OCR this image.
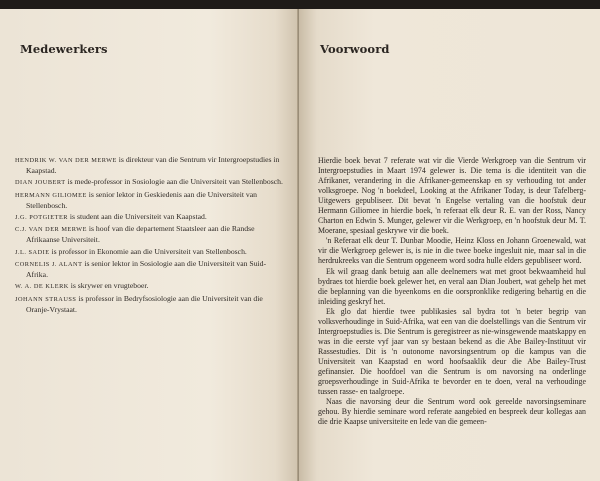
Medewerkers
HENDRIK W. VAN DER MERWE is direkteur van die Sentrum vir Intergroepstudies in Kaapstad.
DIAN JOUBERT is mede-professor in Sosiologie aan die Universiteit van Stellenbosch.
HERMANN GILIOMEE is senior lektor in Geskiedenis aan die Universiteit van Stellenbosch.
J.G. POTGIETER is student aan die Universiteit van Kaapstad.
C.J. VAN DER MERWE is hoof van die departement Staatsleer aan die Randse Afrikaanse Universiteit.
J.L. SADIE is professor in Ekonomie aan die Universiteit van Stellenbosch.
CORNELIS J. ALANT is senior lektor in Sosiologie aan die Universiteit van Suid-Afrika.
W. A. DE KLERK is skrywer en vrugteboer.
JOHANN STRAUSS is professor in Bedryfsosiologie aan die Universiteit van die Oranje-Vrystaat.
Voorwoord

Hierdie boek bevat 7 referate wat vir die Vierde Werkgroep van die Sentrum vir Intergroepstudies in Maart 1974 gelewer is. Die tema is die identiteit van die Afrikaner, verandering in die Afrikaner-gemeenskap en sy verhouding tot ander volksgroepe. Nog 'n boekdeel, Looking at the Afrikaner Today, is deur Tafelberg-Uitgewers gepubliseer. Dit bevat 'n Engelse vertaling van die hoofstuk deur Hermann Giliomee in hierdie boek, 'n referaat elk deur R. E. van der Ross, Nancy Charton en Edwin S. Munger, gelewer vir die Werkgroep, en 'n hoofstuk deur M. T. Moerane, spesiaal geskrywe vir die boek.

'n Referaat elk deur T. Dunbar Moodie, Heinz Kloss en Johann Groenewald, wat vir die Werkgroep gelewer is, is nie in die twee boeke ingesluit nie, maar sal in die herdrukreeks van die Sentrum opgeneem word sodra hulle elders gepubliseer word.

Ek wil graag dank betuig aan alle deelnemers wat met groot bekwaamheid hul bydraes tot hierdie boek gelewer het, en veral aan Dian Joubert, wat gehelp het met die beplanning van die byeenkoms en die oorspronklike redigering behartig en die inleiding geskryf het.

Ek glo dat hierdie twee publikasies sal bydra tot 'n beter begrip van volksverhoudinge in Suid-Afrika, wat een van die doelstellings van die Sentrum vir Intergroepstudies is. Die Sentrum is geregistreer as nie-winsgewende maatskappy en was in die eerste vyf jaar van sy bestaan bekend as die Abe Bailey-Instituut vir Rassestudies. Dit is 'n outonome navorsingsentrum op die kampus van die Universiteit van Kaapstad en word hoofsaaklik deur die Abe Bailey-Trust gefinansier. Die hoofdoel van die Sentrum is om navorsing na onderlinge groepsverhoudinge in Suid-Afrika te bevorder en te doen, veral na verhoudinge tussen rasse- en taalgroepe.

Naas die navorsing deur die Sentrum word ook gereelde navorsingseminare gehou. By hierdie seminare word referate aangebied en bespreek deur kollegas aan die drie Kaapse universiteite en lede van die gemeen-
